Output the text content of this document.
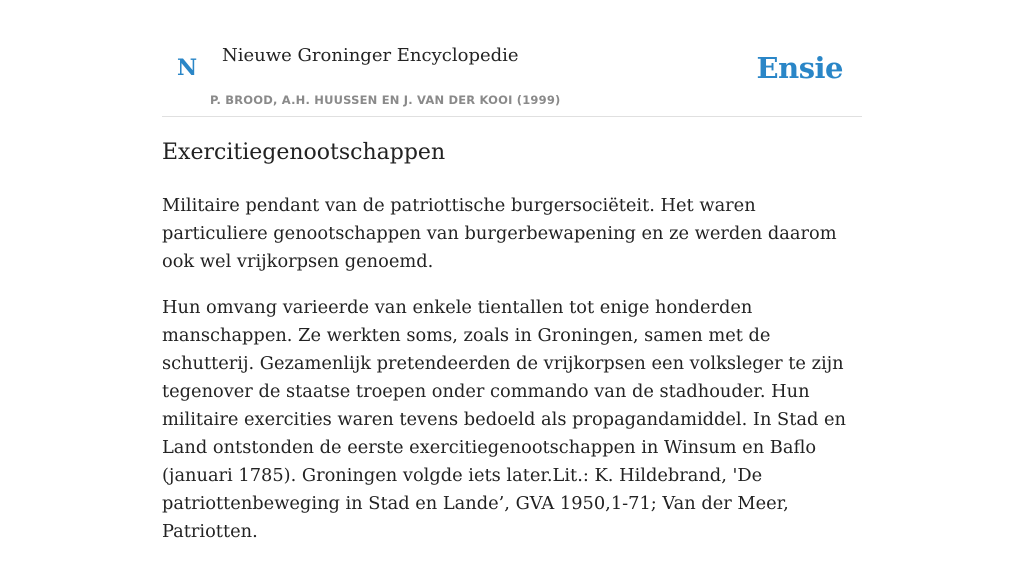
N Nieuwe Groninger Encyclopedie
P. BROOD, A.H. HUUSSEN EN J. VAN DER KOOI (1999)
Ensie
Exercitiegenootschappen

Militaire pendant van de patriottische burgersociëteit. Het waren particuliere genootschappen van burgerbewapening en ze werden daarom ook wel vrijkorpsen genoemd.

Hun omvang varieerde van enkele tientallen tot enige honderden manschappen. Ze werkten soms, zoals in Groningen, samen met de schutterij. Gezamenlijk pretendeerden de vrijkorpsen een volksleger te zijn tegenover de staatse troepen onder commando van de stadhouder. Hun militaire exercities waren tevens bedoeld als propagandamiddel. In Stad en Land ontstonden de eerste exercitiegenootschappen in Winsum en Baflo (januari 1785). Groningen volgde iets later.Lit.: K. Hildebrand, 'De patriottenbeweging in Stad en Lande’, GVA 1950,1-71; Van der Meer, Patriotten.
